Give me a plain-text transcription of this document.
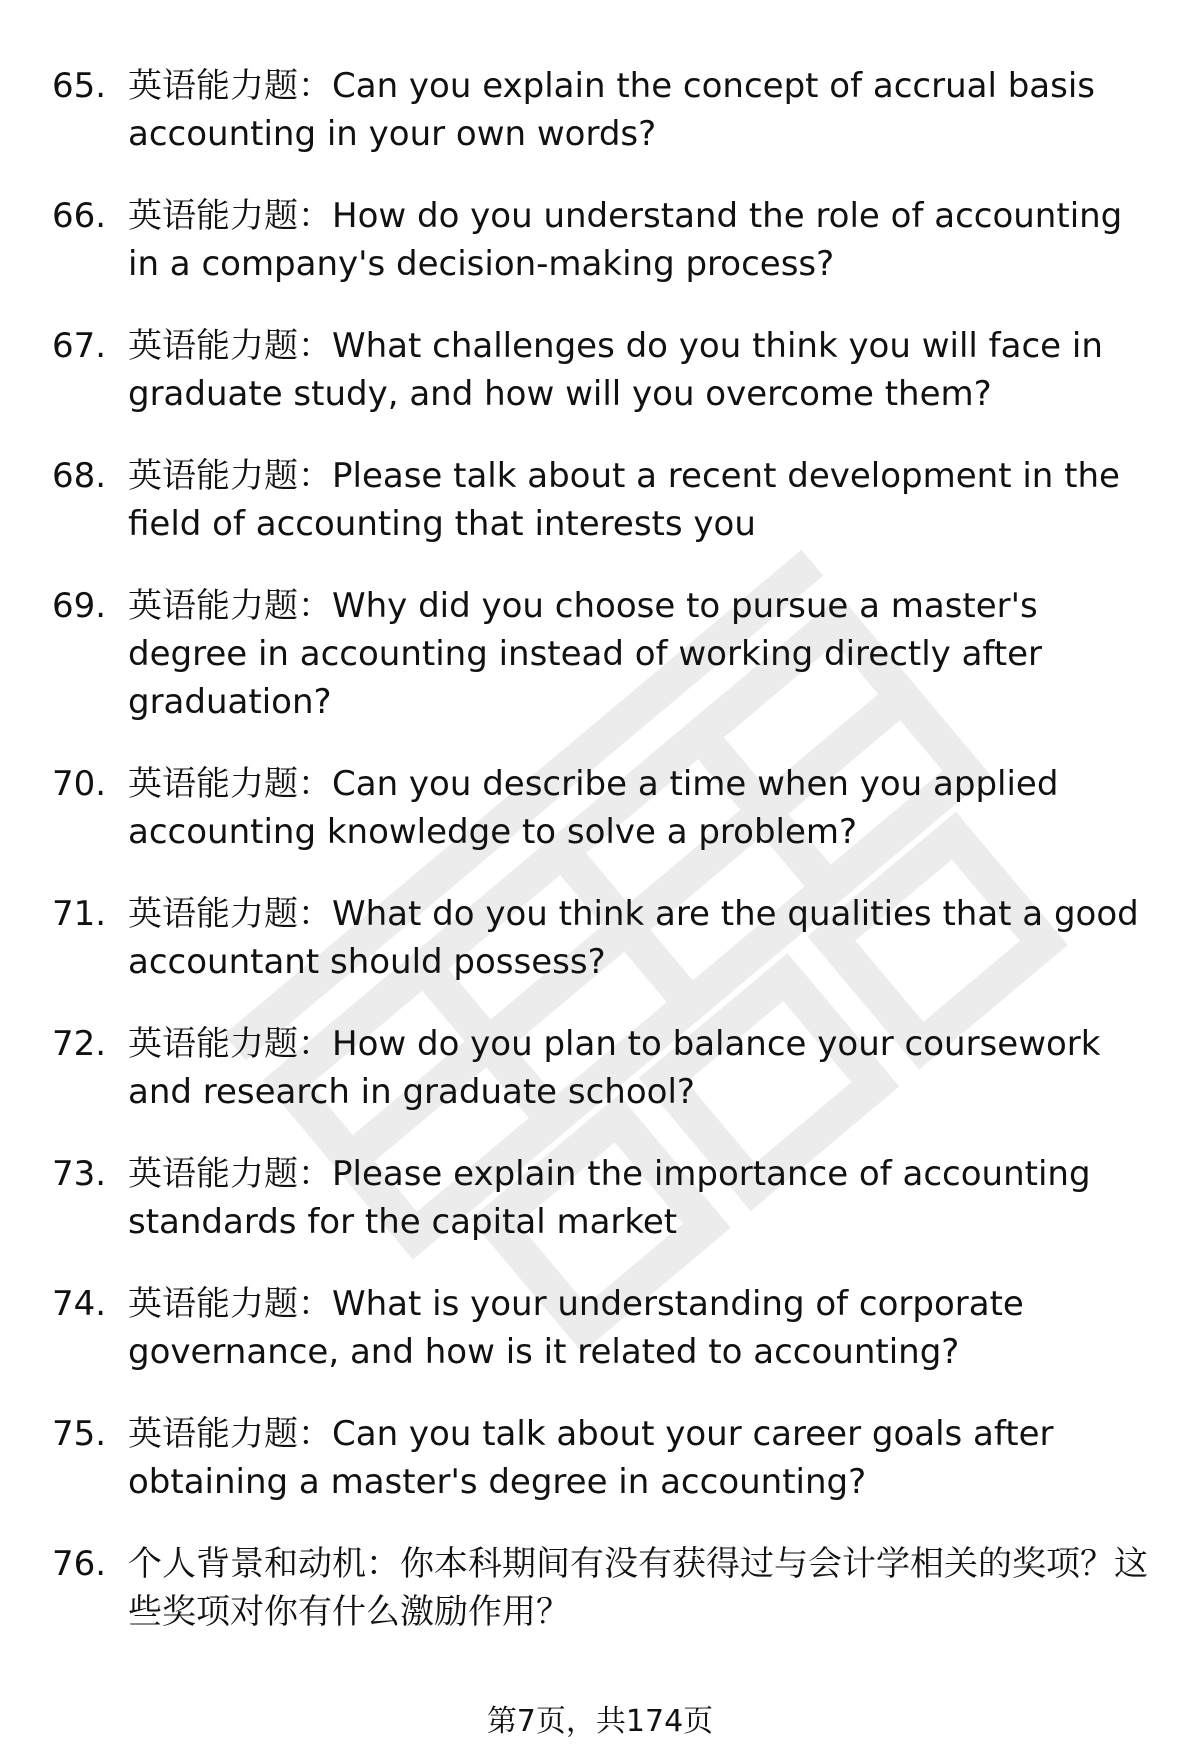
65. 英语能力题：Can you explain the concept of accrual basis accounting in your own words?
66. 英语能力题：How do you understand the role of accounting in a company's decision-making process?
67. 英语能力题：What challenges do you think you will face in graduate study, and how will you overcome them?
68. 英语能力题：Please talk about a recent development in the field of accounting that interests you
69. 英语能力题：Why did you choose to pursue a master's degree in accounting instead of working directly after graduation?
70. 英语能力题：Can you describe a time when you applied accounting knowledge to solve a problem?
71. 英语能力题：What do you think are the qualities that a good accountant should possess?
72. 英语能力题：How do you plan to balance your coursework and research in graduate school?
73. 英语能力题：Please explain the importance of accounting standards for the capital market
74. 英语能力题：What is your understanding of corporate governance, and how is it related to accounting?
75. 英语能力题：Can you talk about your career goals after obtaining a master's degree in accounting?
76. 个人背景和动机：你本科期间有没有获得过与会计学相关的奖项？这些奖项对你有什么激励作用？
第7页，共174页
